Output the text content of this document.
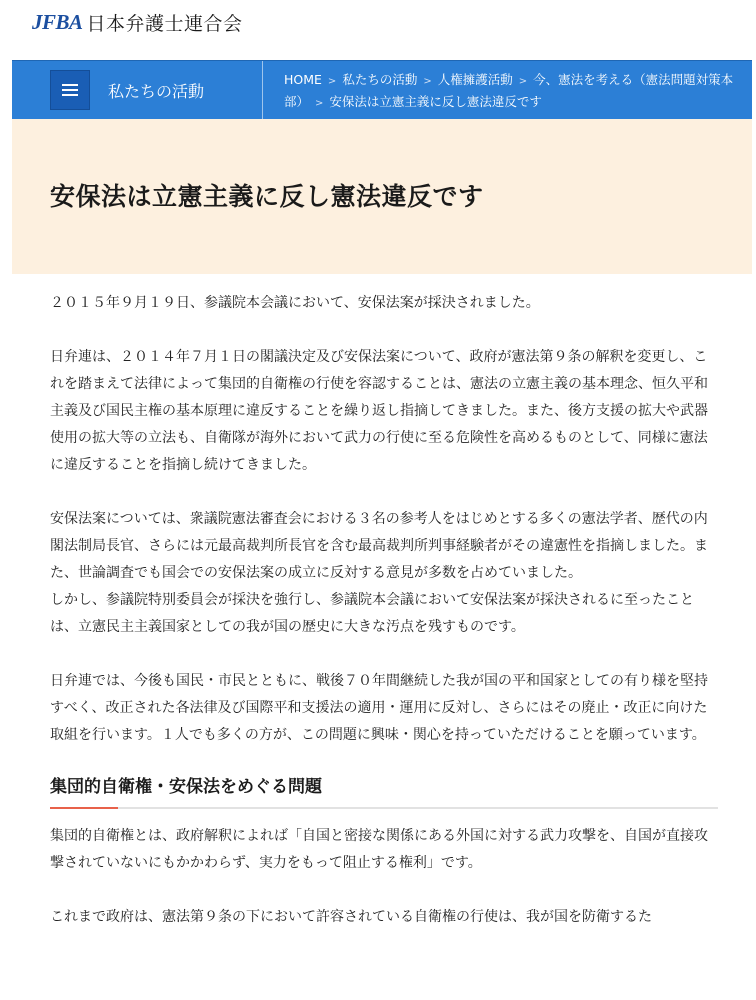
JFBA 日本弁護士連合会
私たちの活動
HOME > 私たちの活動 > 人権擁護活動 > 今、憲法を考える（憲法問題対策本部） > 安保法は立憲主義に反し憲法違反です
安保法は立憲主義に反し憲法違反です

２０１５年９月１９日、参議院本会議において、安保法案が採決されました。

日弁連は、２０１４年７月１日の閣議決定及び安保法案について、政府が憲法第９条の解釈を変更し、これを踏まえて法律によって集団的自衛権の行使を容認することは、憲法の立憲主義の基本理念、恒久平和主義及び国民主権の基本原理に違反することを繰り返し指摘してきました。また、後方支援の拡大や武器使用の拡大等の立法も、自衛隊が海外において武力の行使に至る危険性を高めるものとして、同様に憲法に違反することを指摘し続けてきました。

安保法案については、衆議院憲法審査会における３名の参考人をはじめとする多くの憲法学者、歴代の内閣法制局長官、さらには元最高裁判所長官を含む最高裁判所判事経験者がその違憲性を指摘しました。また、世論調査でも国会での安保法案の成立に反対する意見が多数を占めていました。

しかし、参議院特別委員会が採決を強行し、参議院本会議において安保法案が採決されるに至ったことは、立憲民主主義国家としての我が国の歴史に大きな汚点を残すものです。

日弁連では、今後も国民・市民とともに、戦後７０年間継続した我が国の平和国家としての有り様を堅持すべく、改正された各法律及び国際平和支援法の適用・運用に反対し、さらにはその廃止・改正に向けた取組を行います。１人でも多くの方が、この問題に興味・関心を持っていただけることを願っています。

集団的自衛権・安保法をめぐる問題

集団的自衛権とは、政府解釈によれば「自国と密接な関係にある外国に対する武力攻撃を、自国が直接攻撃されていないにもかかわらず、実力をもって阻止する権利」です。

これまで政府は、憲法第９条の下において許容されている自衛権の行使は、我が国を防衛するた
